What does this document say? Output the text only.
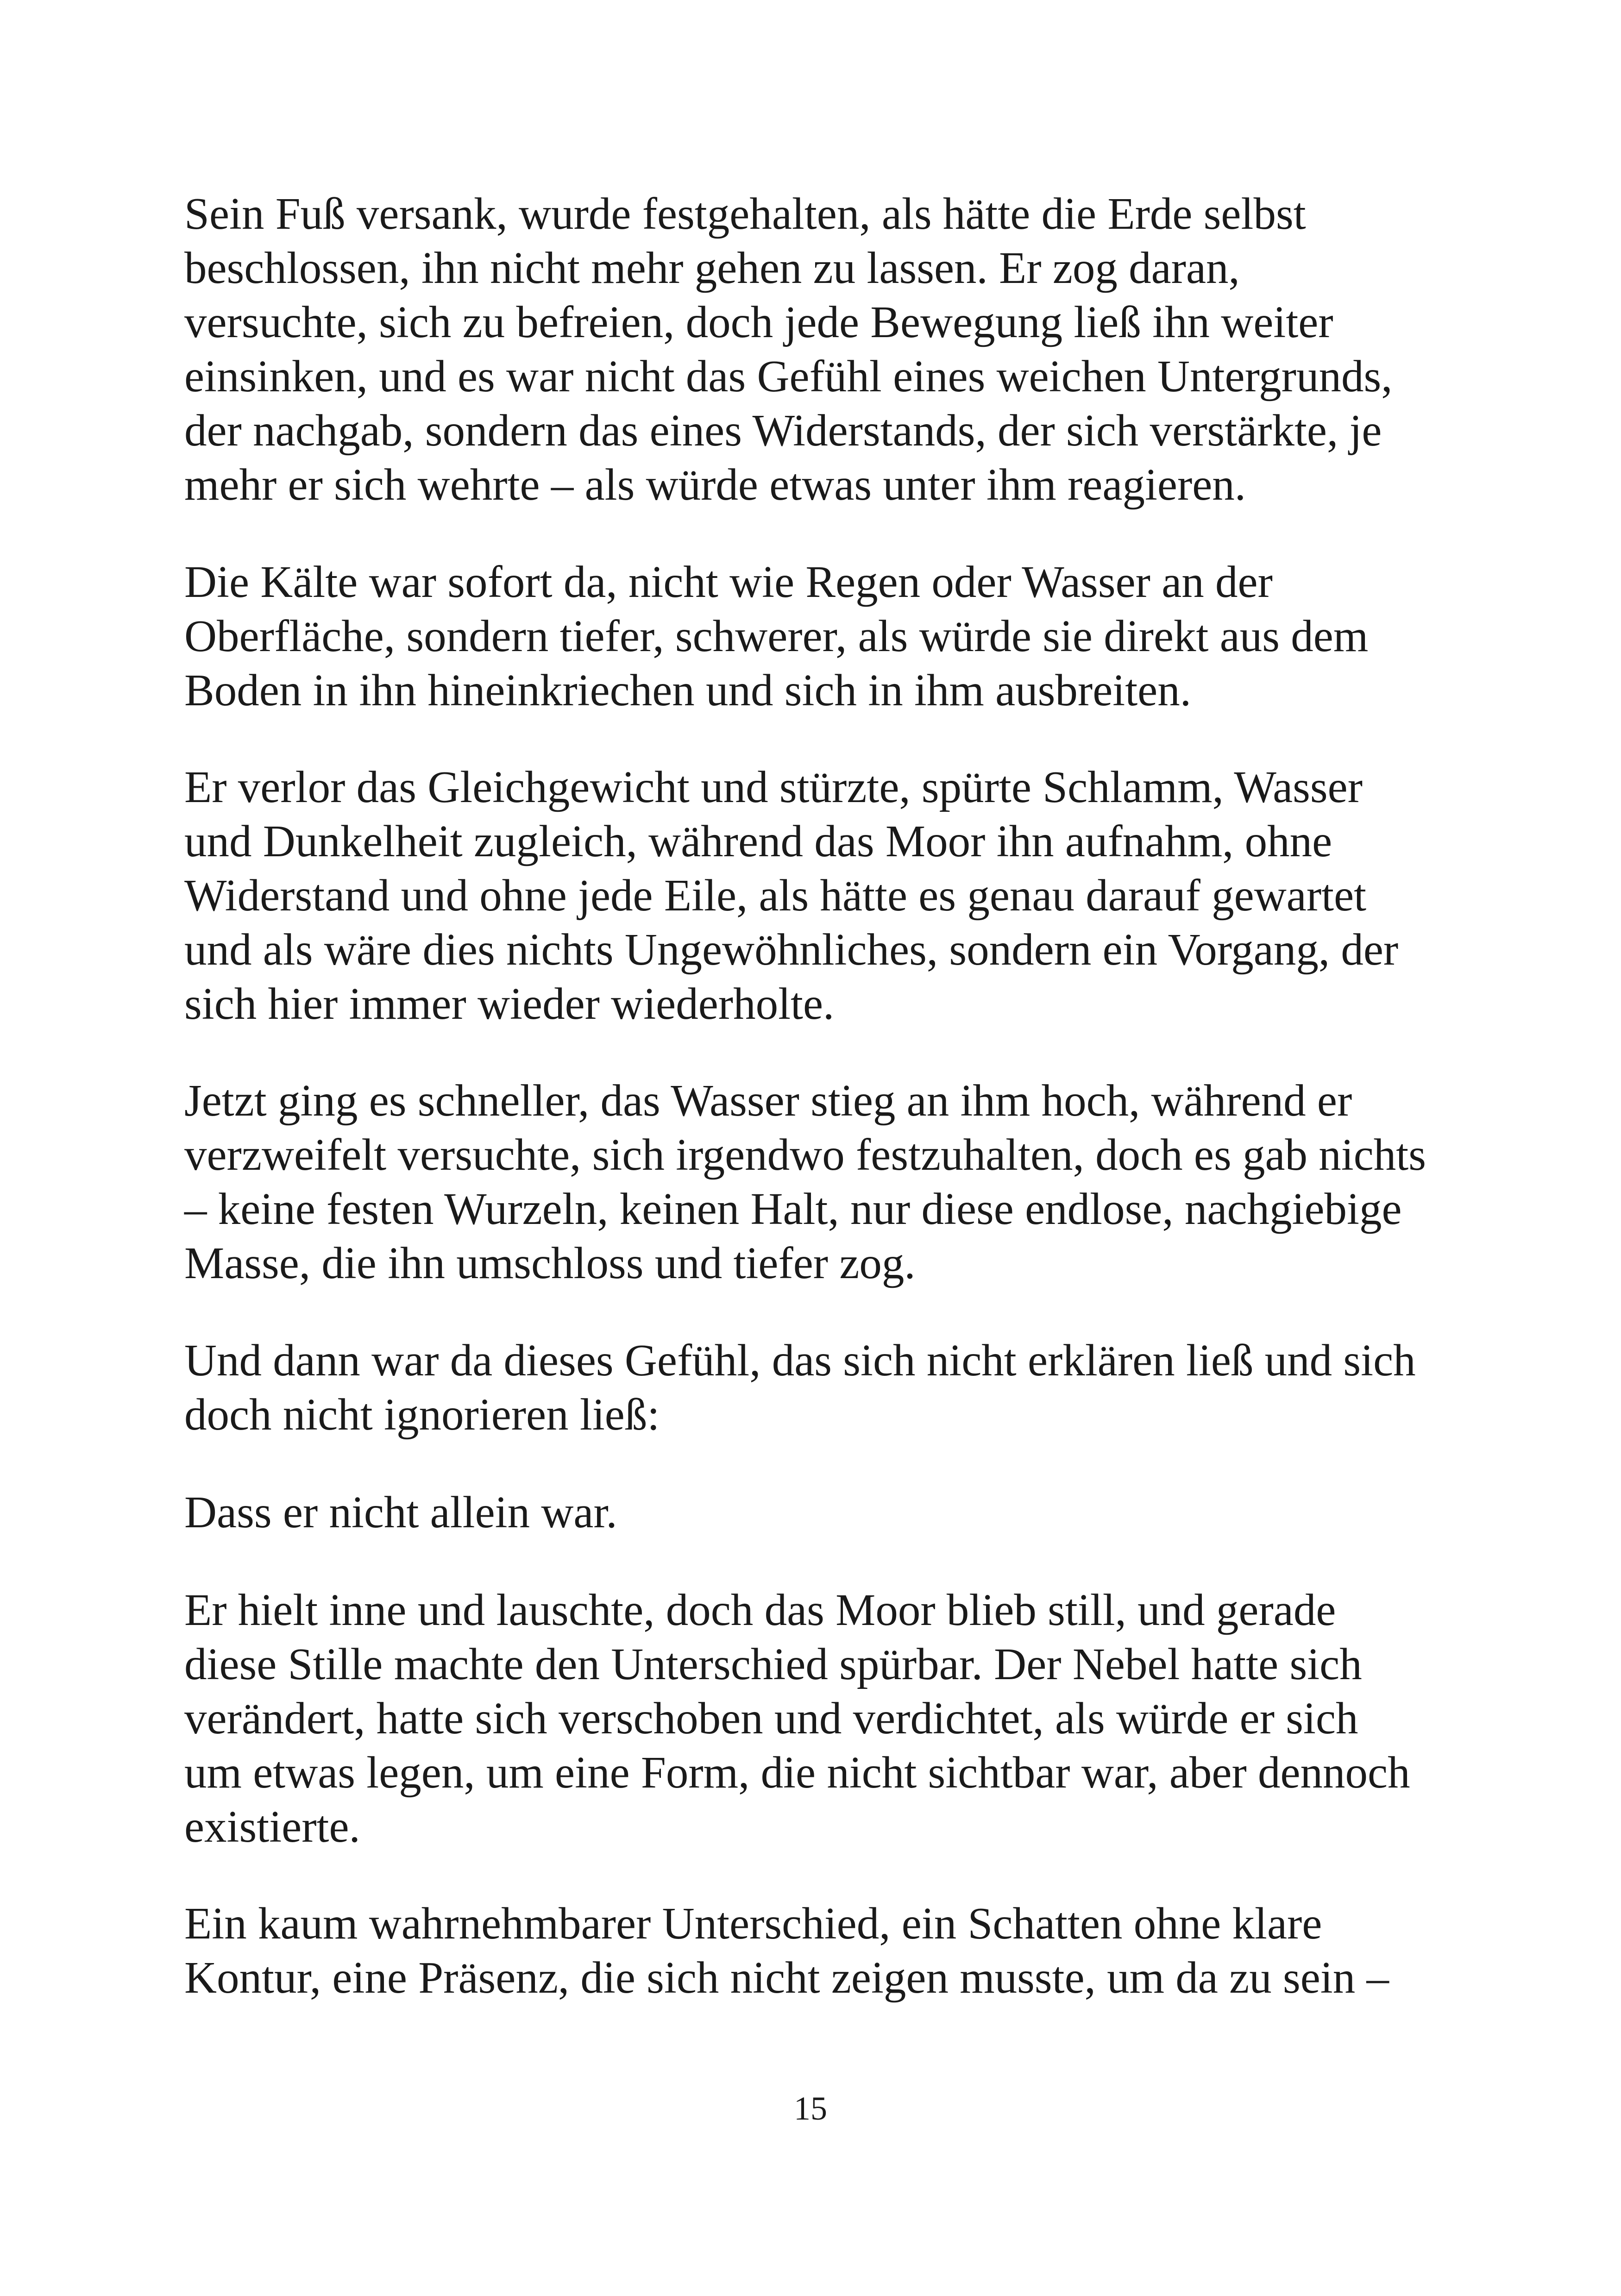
Sein Fuß versank, wurde festgehalten, als hätte die Erde selbst
beschlossen, ihn nicht mehr gehen zu lassen. Er zog daran,
versuchte, sich zu befreien, doch jede Bewegung ließ ihn weiter
einsinken, und es war nicht das Gefühl eines weichen Untergrunds,
der nachgab, sondern das eines Widerstands, der sich verstärkte, je
mehr er sich wehrte – als würde etwas unter ihm reagieren.

Die Kälte war sofort da, nicht wie Regen oder Wasser an der
Oberfläche, sondern tiefer, schwerer, als würde sie direkt aus dem
Boden in ihn hineinkriechen und sich in ihm ausbreiten.

Er verlor das Gleichgewicht und stürzte, spürte Schlamm, Wasser
und Dunkelheit zugleich, während das Moor ihn aufnahm, ohne
Widerstand und ohne jede Eile, als hätte es genau darauf gewartet
und als wäre dies nichts Ungewöhnliches, sondern ein Vorgang, der
sich hier immer wieder wiederholte.

Jetzt ging es schneller, das Wasser stieg an ihm hoch, während er
verzweifelt versuchte, sich irgendwo festzuhalten, doch es gab nichts
– keine festen Wurzeln, keinen Halt, nur diese endlose, nachgiebige
Masse, die ihn umschloss und tiefer zog.

Und dann war da dieses Gefühl, das sich nicht erklären ließ und sich
doch nicht ignorieren ließ:

Dass er nicht allein war.

Er hielt inne und lauschte, doch das Moor blieb still, und gerade
diese Stille machte den Unterschied spürbar. Der Nebel hatte sich
verändert, hatte sich verschoben und verdichtet, als würde er sich
um etwas legen, um eine Form, die nicht sichtbar war, aber dennoch
existierte.

Ein kaum wahrnehmbarer Unterschied, ein Schatten ohne klare
Kontur, eine Präsenz, die sich nicht zeigen musste, um da zu sein –

15
